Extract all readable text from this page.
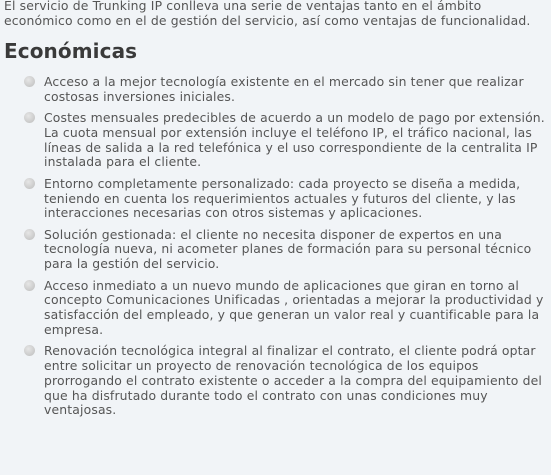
El servicio de Trunking IP conlleva una serie de ventajas tanto en el ámbito económico como en el de gestión del servicio, así como ventajas de funcionalidad.

Económicas
Acceso a la mejor tecnología existente en el mercado sin tener que realizar costosas inversiones iniciales.
Costes mensuales predecibles de acuerdo a un modelo de pago por extensión. La cuota mensual por extensión incluye el teléfono IP, el tráfico nacional, las líneas de salida a la red telefónica y el uso correspondiente de la centralita IP instalada para el cliente.
Entorno completamente personalizado: cada proyecto se diseña a medida, teniendo en cuenta los requerimientos actuales y futuros del cliente, y las interacciones necesarias con otros sistemas y aplicaciones.
Solución gestionada: el cliente no necesita disponer de expertos en una tecnología nueva, ni acometer planes de formación para su personal técnico para la gestión del servicio.
Acceso inmediato a un nuevo mundo de aplicaciones que giran en torno al concepto Comunicaciones Unificadas , orientadas a mejorar la productividad y satisfacción del empleado, y que generan un valor real y cuantificable para la empresa.
Renovación tecnológica integral al finalizar el contrato, el cliente podrá optar entre solicitar un proyecto de renovación tecnológica de los equipos prorrogando el contrato existente o acceder a la compra del equipamiento del que ha disfrutado durante todo el contrato con unas condiciones muy ventajosas.
